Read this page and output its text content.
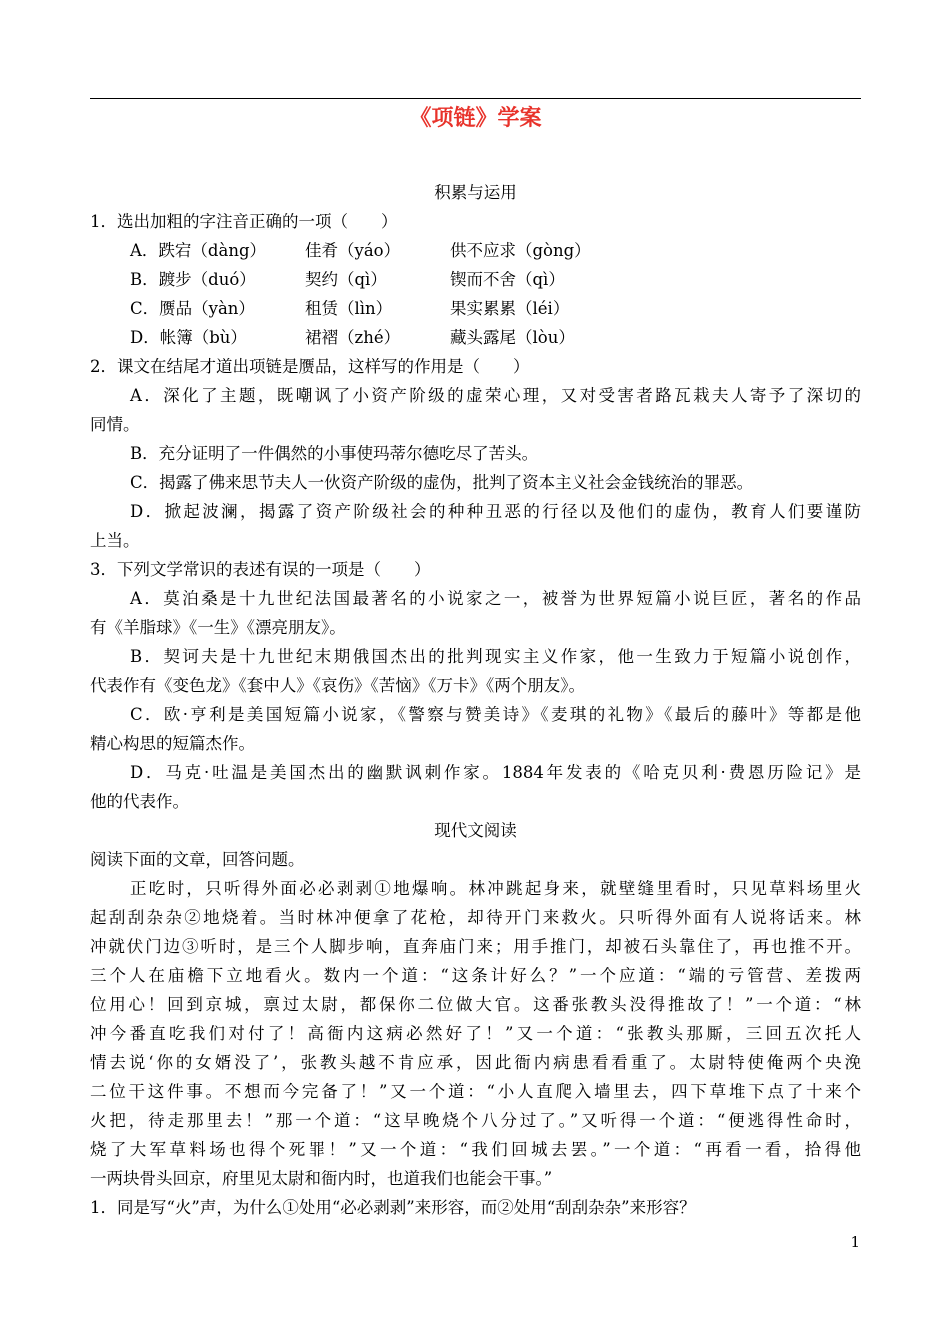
《项链》学案
积累与运用
1．选出加粗的字注音正确的一项（　　）
A．跌宕（dàng）	佳肴（yáo）	供不应求（gòng）
B．踱步（duó）	契约（qì）	锲而不舍（qì）
C．赝品（yàn）	租赁（lìn）	果实累累（léi）
D．帐簿（bù）	裙褶（zhé）	藏头露尾（lòu）
2．课文在结尾才道出项链是赝品，这样写的作用是（　　）
A．深化了主题，既嘲讽了小资产阶级的虚荣心理，又对受害者路瓦栽夫人寄予了深切的
同情。
B．充分证明了一件偶然的小事使玛蒂尔德吃尽了苦头。
C．揭露了佛来思节夫人一伙资产阶级的虚伪，批判了资本主义社会金钱统治的罪恶。
D．掀起波澜，揭露了资产阶级社会的种种丑恶的行径以及他们的虚伪，教育人们要谨防
上当。
3．下列文学常识的表述有误的一项是（　　）
A．莫泊桑是十九世纪法国最著名的小说家之一，被誉为世界短篇小说巨匠，著名的作品
有《羊脂球》《一生》《漂亮朋友》。
B．契诃夫是十九世纪末期俄国杰出的批判现实主义作家，他一生致力于短篇小说创作，
代表作有《变色龙》《套中人》《哀伤》《苦恼》《万卡》《两个朋友》。
C．欧·亨利是美国短篇小说家，《警察与赞美诗》《麦琪的礼物》《最后的藤叶》等都是他
精心构思的短篇杰作。
D．马克·吐温是美国杰出的幽默讽刺作家。1884年发表的《哈克贝利·费恩历险记》是
他的代表作。
现代文阅读
阅读下面的文章，回答问题。
正吃时，只听得外面必必剥剥①地爆响。林冲跳起身来，就壁缝里看时，只见草料场里火
起刮刮杂杂②地烧着。当时林冲便拿了花枪，却待开门来救火。只听得外面有人说将话来。林
冲就伏门边③听时，是三个人脚步响，直奔庙门来；用手推门，却被石头靠住了，再也推不开。
三个人在庙檐下立地看火。数内一个道：“这条计好么？”一个应道：“端的亏管营、差拨两
位用心！回到京城，禀过太尉，都保你二位做大官。这番张教头没得推故了！”一个道：“林
冲今番直吃我们对付了！高衙内这病必然好了！”又一个道：“张教头那厮，三回五次托人
情去说‘你的女婿没了’，张教头越不肯应承，因此衙内病患看看重了。太尉特使俺两个央浼
二位干这件事。不想而今完备了！”又一个道：“小人直爬入墙里去，四下草堆下点了十来个
火把，待走那里去！”那一个道：“这早晚烧个八分过了。”又听得一个道：“便逃得性命时，
烧了大军草料场也得个死罪！”又一个道：“我们回城去罢。”一个道：“再看一看，拾得他
一两块骨头回京，府里见太尉和衙内时，也道我们也能会干事。”
1．同是写“火”声，为什么①处用“必必剥剥”来形容，而②处用“刮刮杂杂”来形容？
1
